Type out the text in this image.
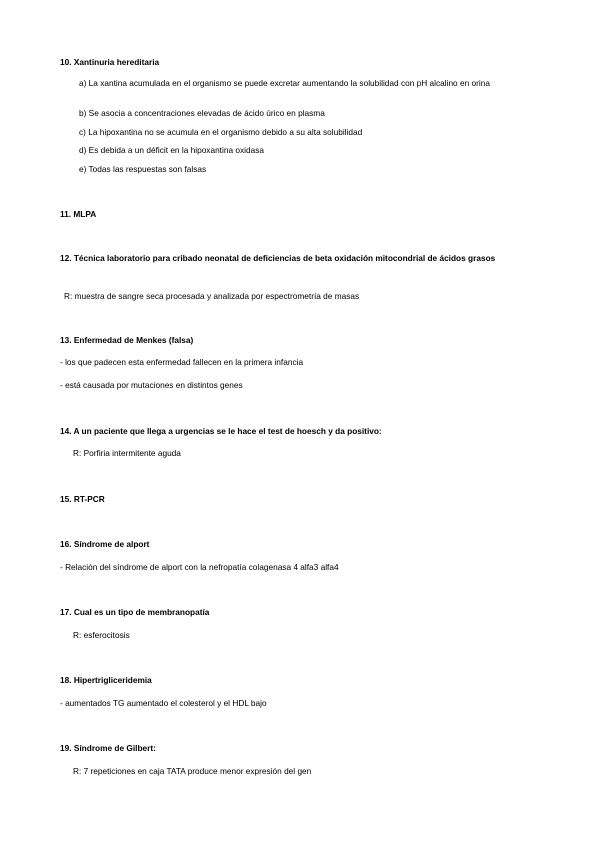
10. Xantinuria hereditaria
a) La xantina acumulada en el organismo se puede excretar aumentando la solubilidad con pH alcalino en orina
b) Se asocia a concentraciones elevadas de ácido úrico en plasma
c) La hipoxantina no se acumula en el organismo debido a su alta solubilidad
d) Es debida a un déficit en la hipoxantina oxidasa
e) Todas las respuestas son falsas
11. MLPA
12. Técnica laboratorio para cribado neonatal de deficiencias de beta oxidación mitocondrial de ácidos grasos
R: muestra de sangre seca procesada y analizada por espectrometría de masas
13. Enfermedad de Menkes (falsa)
- los que padecen esta enfermedad fallecen en la primera infancia
- está causada por mutaciones en distintos genes
14. A un paciente que llega a urgencias se le hace el test de hoesch y da positivo:
R: Porfiria intermitente aguda
15. RT-PCR
16. Síndrome de alport
- Relación del síndrome de alport con la nefropatía colagenasa 4 alfa3 alfa4
17. Cual es un tipo de membranopatía
R: esferocitosis
18. Hipertrigliceridemia
- aumentados TG aumentado el colesterol y el HDL bajo
19. Síndrome de Gilbert:
R: 7 repeticiones en caja TATA produce menor expresión del gen
